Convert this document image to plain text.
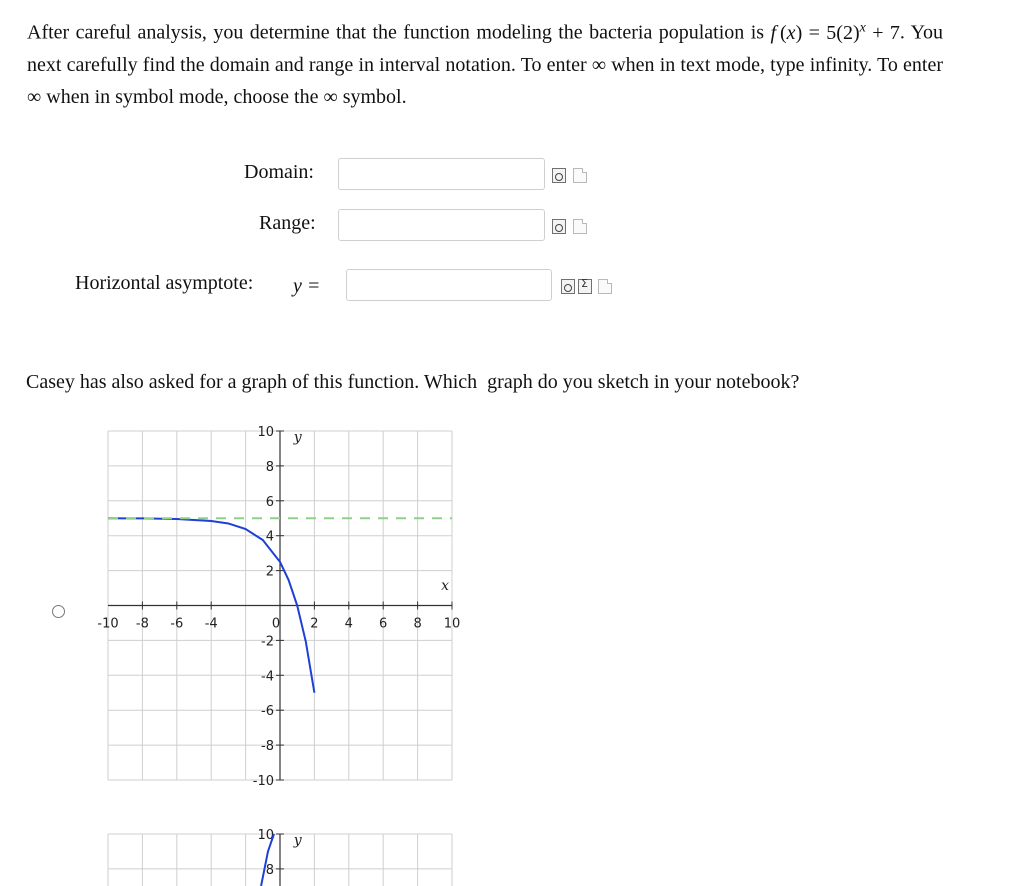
After careful analysis, you determine that the function modeling the bacteria population is f $(x) = 5(2)^x + 7$. You next carefully find the domain and range in interval notation. To enter ∞ when in text mode, type infinity. To enter ∞ when in symbol mode, choose the ∞ symbol.
Domain:
Range:
Horizontal asymptote: y =
Σ
Casey has also asked for a graph of this function. Which  graph do you sketch in your notebook?
-10 -8 -6 -4	0 2 4 6 8 10
10
8
6
4
2
-2
-4
-6
-8
-10
y
x
10
8
y
